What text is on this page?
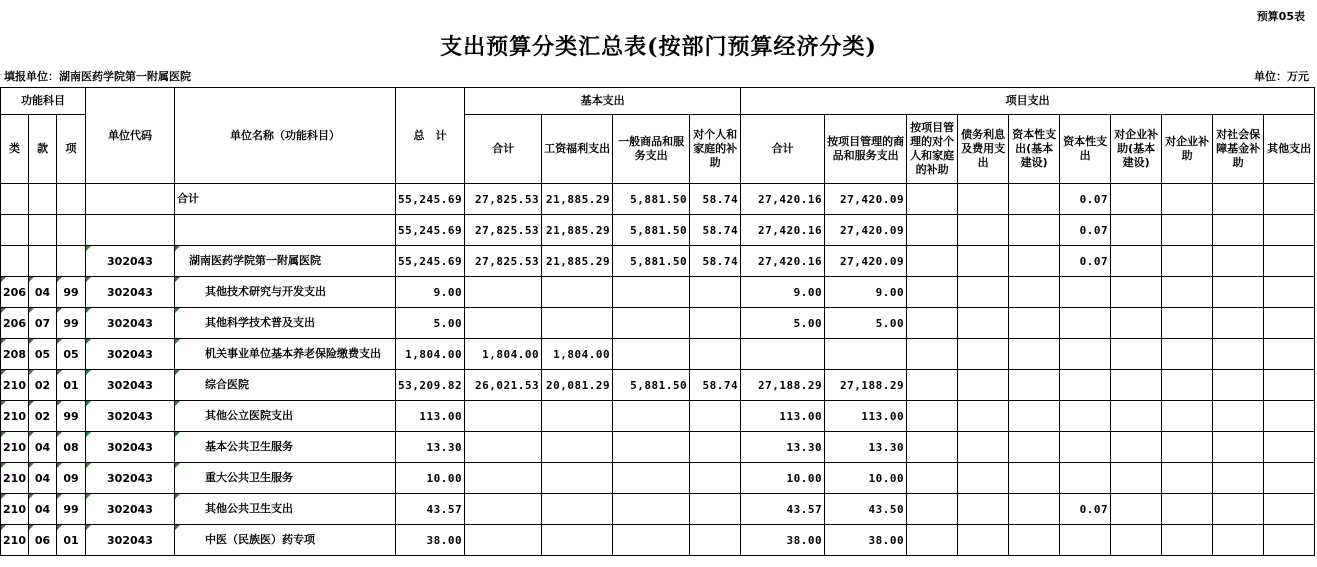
预算05表
支出预算分类汇总表(按部门预算经济分类)
填报单位：湖南医药学院第一附属医院	单位：万元
功能科目			单位代码	单位名称（功能科目）	总　计	基本支出				项目支出									
类	款	项				合计	工资福利支出	一般商品和服务支出	对个人和家庭的补助	合计	按项目管理的商品和服务支出	按项目管理的对个人和家庭的补助	债务利息及费用支出	资本性支出(基本建设)	资本性支出	对企业补助(基本建设)	对企业补助	对社会保障基金补助	其他支出
				合计	55,245.69	27,825.53	21,885.29	5,881.50	58.74	27,420.16	27,420.09				0.07				
					55,245.69	27,825.53	21,885.29	5,881.50	58.74	27,420.16	27,420.09				0.07				
			302043	湖南医药学院第一附属医院	55,245.69	27,825.53	21,885.29	5,881.50	58.74	27,420.16	27,420.09				0.07				
206	04	99	302043	其他技术研究与开发支出	9.00					9.00	9.00								
206	07	99	302043	其他科学技术普及支出	5.00					5.00	5.00								
208	05	05	302043	机关事业单位基本养老保险缴费支出	1,804.00	1,804.00	1,804.00												
210	02	01	302043	综合医院	53,209.82	26,021.53	20,081.29	5,881.50	58.74	27,188.29	27,188.29								
210	02	99	302043	其他公立医院支出	113.00					113.00	113.00								
210	04	08	302043	基本公共卫生服务	13.30					13.30	13.30								
210	04	09	302043	重大公共卫生服务	10.00					10.00	10.00								
210	04	99	302043	其他公共卫生支出	43.57					43.57	43.50				0.07				
210	06	01	302043	中医（民族医）药专项	38.00					38.00	38.00								
